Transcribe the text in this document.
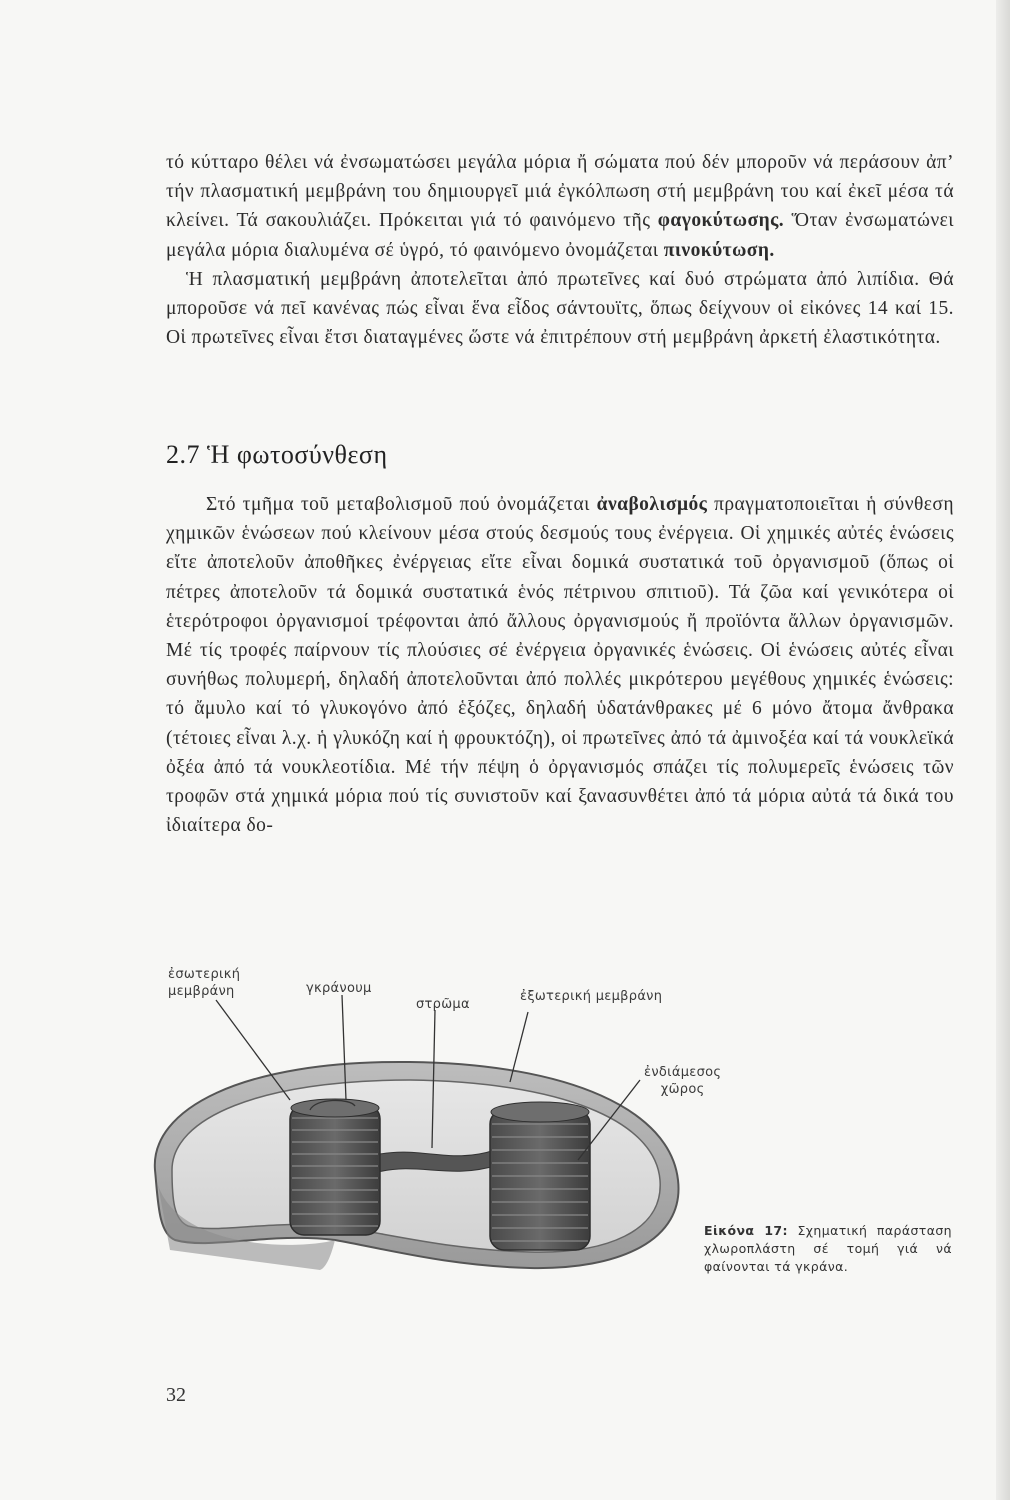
τό κύτταρο θέλει νά ἐνσωματώσει μεγάλα μόρια ἤ σώματα πού δέν μποροῦν νά περάσουν ἀπ’ τήν πλασματική μεμβράνη του δημιουργεῖ μιά ἐγκόλπωση στή μεμβράνη του καί ἐκεῖ μέσα τά κλείνει. Τά σακουλιάζει. Πρόκειται γιά τό φαινόμενο τῆς φαγοκύτωσης. Ὅταν ἐνσωματώνει μεγάλα μόρια διαλυμένα σέ ὑγρό, τό φαινόμενο ὀνομάζεται πινοκύτωση.

Ἡ πλασματική μεμβράνη ἀποτελεῖται ἀπό πρωτεῖνες καί δυό στρώματα ἀπό λιπίδια. Θά μποροῦσε νά πεῖ κανένας πώς εἶναι ἕνα εἶδος σάντουϊτς, ὅπως δείχνουν οἱ εἰκόνες 14 καί 15. Οἱ πρωτεῖνες εἶναι ἔτσι διαταγμένες ὥστε νά ἐπιτρέπουν στή μεμβράνη ἀρκετή ἐλαστικότητα.

2.7 Ἡ φωτοσύνθεση

Στό τμῆμα τοῦ μεταβολισμοῦ πού ὀνομάζεται ἀναβολισμός πραγματοποιεῖται ἡ σύνθεση χημικῶν ἑνώσεων πού κλείνουν μέσα στούς δεσμούς τους ἐνέργεια. Οἱ χημικές αὐτές ἑνώσεις εἴτε ἀποτελοῦν ἀποθῆκες ἐνέργειας εἴτε εἶναι δομικά συστατικά τοῦ ὀργανισμοῦ (ὅπως οἱ πέτρες ἀποτελοῦν τά δομικά συστατικά ἑνός πέτρινου σπιτιοῦ). Τά ζῶα καί γενικότερα οἱ ἑτερότροφοι ὀργανισμοί τρέφονται ἀπό ἄλλους ὀργανισμούς ἤ προϊόντα ἄλλων ὀργανισμῶν. Μέ τίς τροφές παίρνουν τίς πλούσιες σέ ἐνέργεια ὀργανικές ἑνώσεις. Οἱ ἑνώσεις αὐτές εἶναι συνήθως πολυμερή, δηλαδή ἀποτελοῦνται ἀπό πολλές μικρότερου μεγέθους χημικές ἑνώσεις: τό ἄμυλο καί τό γλυκογόνο ἀπό ἑξόζες, δηλαδή ὑδατάνθρακες μέ 6 μόνο ἄτομα ἄνθρακα (τέτοιες εἶναι λ.χ. ἡ γλυκόζη καί ἡ φρουκτόζη), οἱ πρωτεῖνες ἀπό τά ἀμινοξέα καί τά νουκλεϊκά ὀξέα ἀπό τά νουκλεοτίδια. Μέ τήν πέψη ὁ ὀργανισμός σπάζει τίς πολυμερεῖς ἑνώσεις τῶν τροφῶν στά χημικά μόρια πού τίς συνιστοῦν καί ξανασυνθέτει ἀπό τά μόρια αὐτά τά δικά του ἰδιαίτερα δο-

ἐσωτερική
μεμβράνη	γκράνουμ
στρῶμα
ἐξωτερική μεμβράνη
ἐνδιάμεσος
χῶρος
Εἰκόνα 17: Σχηματική παράσταση χλωροπλάστη σέ τομή γιά νά φαίνονται τά γκράνα.
32
